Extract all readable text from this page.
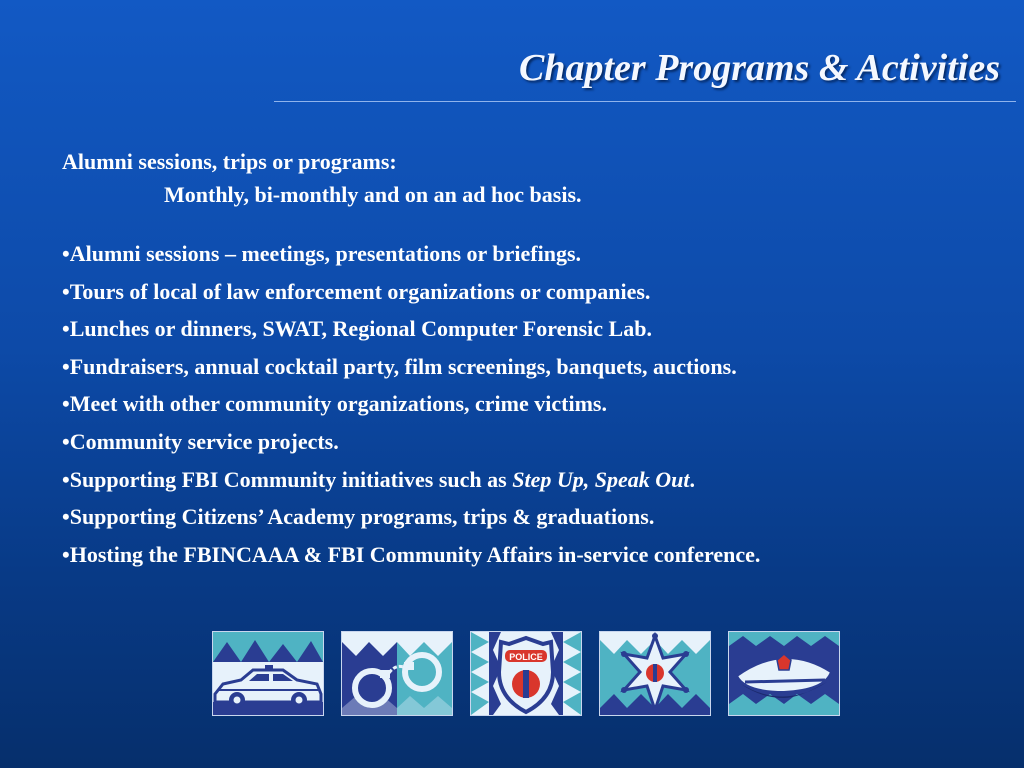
Chapter Programs & Activities
Alumni sessions, trips or programs:
Monthly, bi-monthly and on an ad hoc basis.
• Alumni sessions – meetings, presentations or briefings.
• Tours of local of law enforcement organizations or companies.
• Lunches or dinners, SWAT, Regional Computer Forensic Lab.
• Fundraisers, annual cocktail party, film screenings, banquets, auctions.
• Meet with other community organizations, crime victims.
• Community service projects.
• Supporting FBI Community initiatives such as Step Up, Speak Out.
• Supporting Citizens’ Academy programs, trips & graduations.
• Hosting the FBINCAAA & FBI Community Affairs in-service conference.
POLICE
